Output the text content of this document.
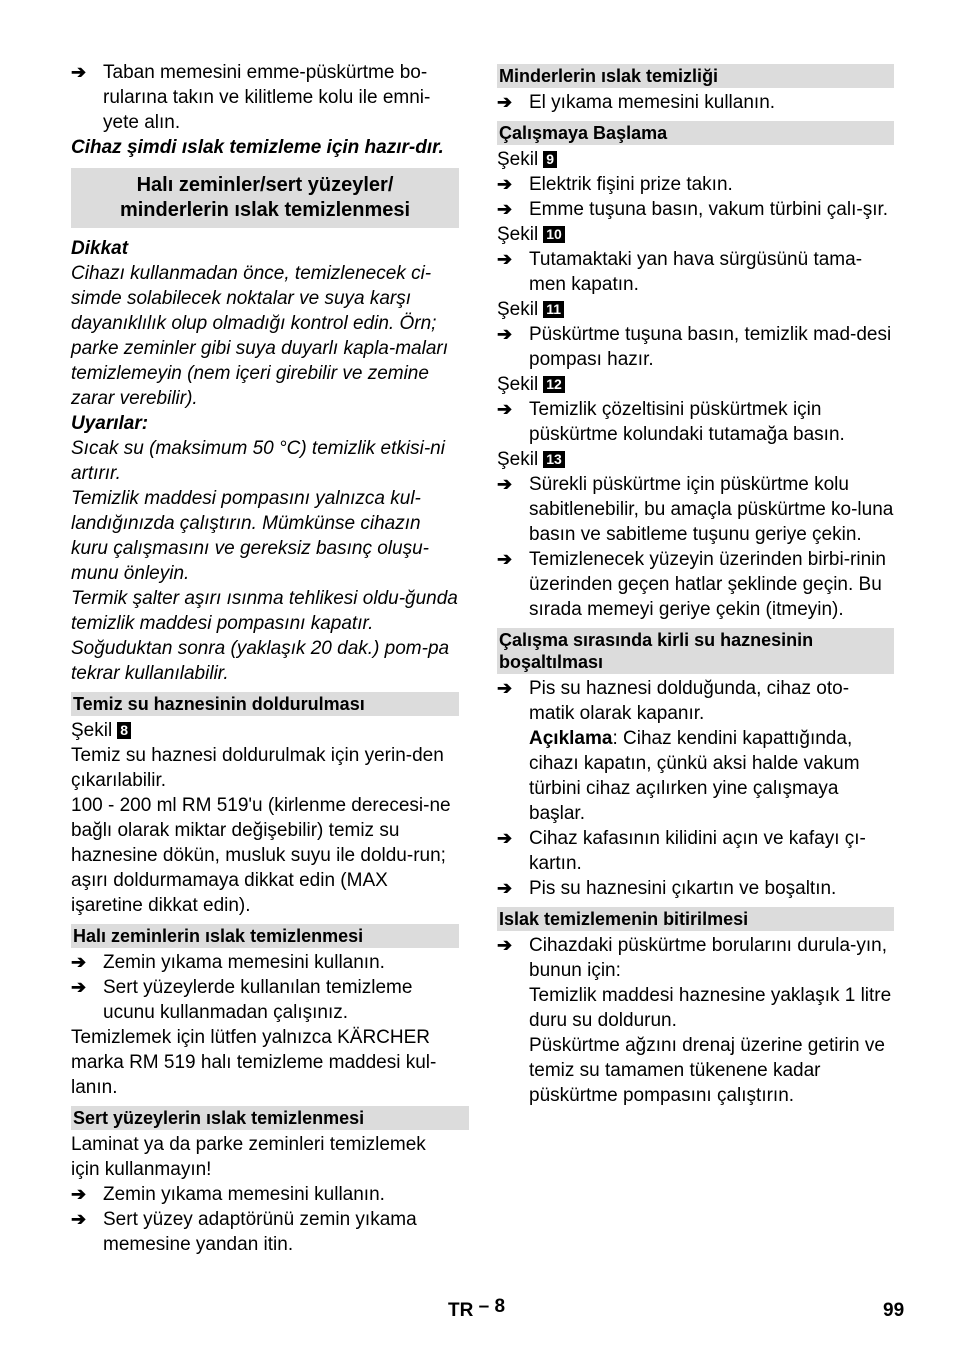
➔ Taban memesini emme-püskürtme bo-rularına takın ve kilitleme kolu ile emni-yete alın.

Cihaz şimdi ıslak temizleme için hazır-dır.

Halı zeminler/sert yüzeyler/
minderlerin ıslak temizlenmesi

Dikkat

Cihazı kullanmadan önce, temizlenecek ci-simde solabilecek noktalar ve suya karşı dayanıklılık olup olmadığı kontrol edin. Örn; parke zeminler gibi suya duyarlı kapla-maları temizlemeyin (nem içeri girebilir ve zemine zarar verebilir).

Uyarılar:

Sıcak su (maksimum 50 °C) temizlik etkisi-ni artırır.

Temizlik maddesi pompasını yalnızca kul-landığınızda çalıştırın. Mümkünse cihazın kuru çalışmasını ve gereksiz basınç oluşu-munu önleyin.

Termik şalter aşırı ısınma tehlikesi oldu-ğunda temizlik maddesi pompasını kapatır. Soğuduktan sonra (yaklaşık 20 dak.) pom-pa tekrar kullanılabilir.

Temiz su haznesinin doldurulması

Şekil 8

Temiz su haznesi doldurulmak için yerin-den çıkarılabilir.

100 - 200 ml RM 519'u (kirlenme derecesi-ne bağlı olarak miktar değişebilir) temiz su haznesine dökün, musluk suyu ile doldu-run; aşırı doldurmamaya dikkat edin (MAX işaretine dikkat edin).

Halı zeminlerin ıslak temizlenmesi
➔ Zemin yıkama memesini kullanın.
➔ Sert yüzeylerde kullanılan temizleme ucunu kullanmadan çalışınız.

Temizlemek için lütfen yalnızca KÄRCHER marka RM 519 halı temizleme maddesi kul-lanın.

Sert yüzeylerin ıslak temizlenmesi

Laminat ya da parke zeminleri temizlemek için kullanmayın!

➔ Zemin yıkama memesini kullanın.
➔ Sert yüzey adaptörünü zemin yıkama memesine yandan itin.
Minderlerin ıslak temizliği
➔ El yıkama memesini kullanın.
Çalışmaya Başlama

Şekil 9

➔ Elektrik fişini prize takın.
➔ Emme tuşuna basın, vakum türbini çalı-şır.

Şekil 10

➔ Tutamaktaki yan hava sürgüsünü tama-men kapatın.

Şekil 11

➔ Püskürtme tuşuna basın, temizlik mad-desi pompası hazır.

Şekil 12

➔ Temizlik çözeltisini püskürtmek için püskürtme kolundaki tutamağa basın.

Şekil 13

➔ Sürekli püskürtme için püskürtme kolu sabitlenebilir, bu amaçla püskürtme ko-luna basın ve sabitleme tuşunu geriye çekin.
➔ Temizlenecek yüzeyin üzerinden birbi-rinin üzerinden geçen hatlar şeklinde geçin. Bu sırada memeyi geriye çekin (itmeyin).
Çalışma sırasında kirli su haznesinin boşaltılması
➔ Pis su haznesi dolduğunda, cihaz oto-matik olarak kapanır.

Açıklama: Cihaz kendini kapattığında, cihazı kapatın, çünkü aksi halde vakum türbini cihaz açılırken yine çalışmaya başlar.

➔ Cihaz kafasının kilidini açın ve kafayı çı-kartın.
➔ Pis su haznesini çıkartın ve boşaltın.
Islak temizlemenin bitirilmesi
➔ Cihazdaki püskürtme borularını durula-yın, bunun için:

Temizlik maddesi haznesine yaklaşık 1 litre duru su doldurun.

Püskürtme ağzını drenaj üzerine getirin ve temiz su tamamen tükenene kadar püskürtme pompasını çalıştırın.

TR – 8	99
